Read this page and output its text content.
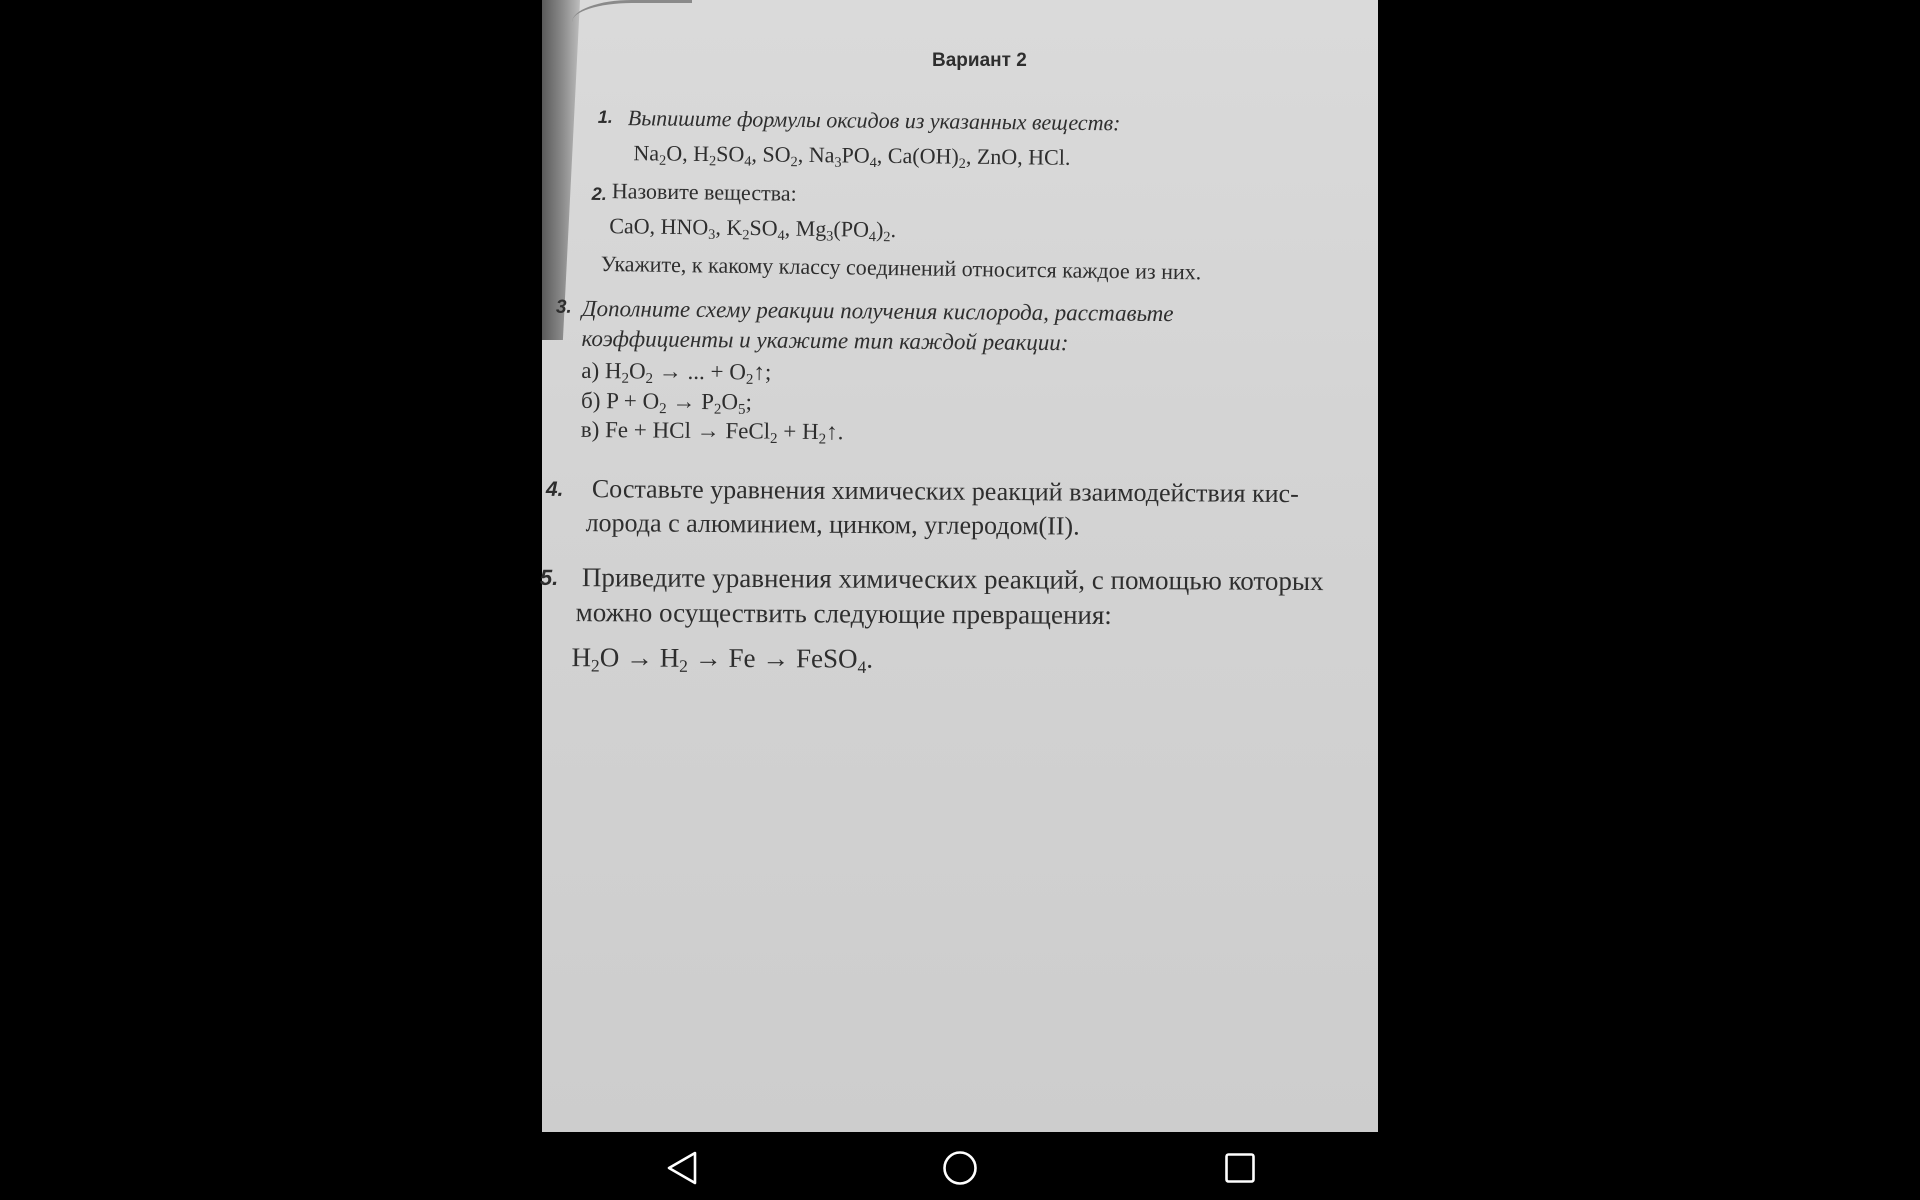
Вариант 2
1. Выпишите формулы оксидов из указанных веществ:
$Na_2O$, $H_2SO_4$, $SO_2$, $Na_3PO_4$, $Ca(OH)_2$, ZnO, HCl.
2. Назовите вещества:
CaO, $HNO_3$, $K_2SO_4$, $Mg_3(PO_4)_2$.
Укажите, к какому классу соединений относится каждое из них.
3. Дополните схему реакции получения кислорода, расставьте
коэффициенты и укажите тип каждой реакции:
а) $H_2O_2$ → ... + $O_2↑$;
б) $P + O_2 \to P_2O_5$;
в) Fe + HCl → FeCl$_2$ + $H_2↑$.
4. Составьте уравнения химических реакций взаимодействия кис-
лорода с алюминием, цинком, углеродом(II).
5. Приведите уравнения химических реакций, с помощью которых
можно осуществить следующие превращения:
$H_2O \to H_2 \to Fe$ → FeSO$_4$.
